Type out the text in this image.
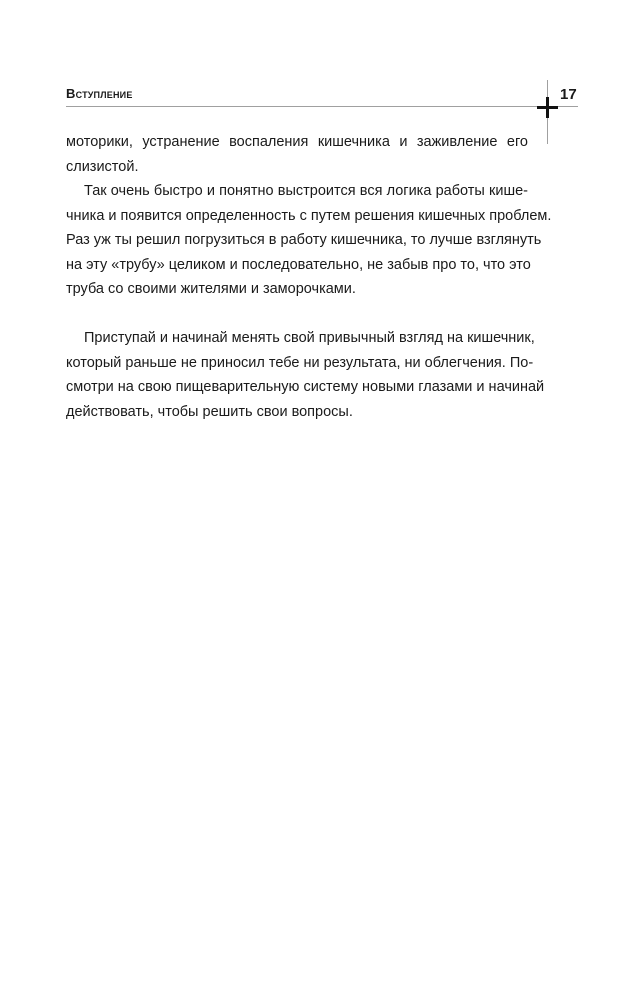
Вступление	17
моторики, устранение воспаления кишечника и заживление его
слизистой.
Так очень быстро и понятно выстроится вся логика работы кише-
чника и появится определенность с путем решения кишечных проблем.
Раз уж ты решил погрузиться в работу кишечника, то лучше взглянуть
на эту «трубу» целиком и последовательно, не забыв про то, что это
труба со своими жителями и заморочками.
Приступай и начинай менять свой привычный взгляд на кишечник,
который раньше не приносил тебе ни результата, ни облегчения. По-
смотри на свою пищеварительную систему новыми глазами и начинай
действовать, чтобы решить свои вопросы.
